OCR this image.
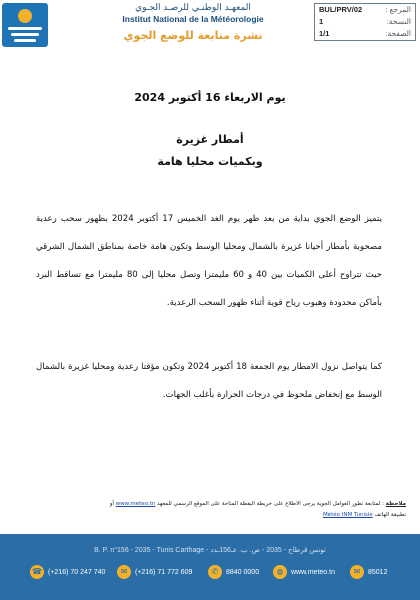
المعهـد الوطنـي للرصـد الجـوي
Institut National de la Météorologie
نشرة متابعة للوضع الجوي
BUL/PRV/02	المرجع :
1	النسخة:
1/1	الصفحة:
يوم الاربعاء 16 أكتوبر 2024
أمطار غزيرة
وبكميات محليا هامة
يتميز الوضع الجوي بداية من بعد ظهر يوم الغد الخميس 17 أكتوبر 2024 بظهور سحب رعدية مصحوبة بأمطار أحيانا غزيرة بالشمال ومحليا الوسط وتكون هامة خاصة بمناطق الشمال الشرقي حيث تتراوح أعلى الكميات بين 40 و 60 مليمترا وتصل محليا إلى 80 مليمترا مع تساقط البرد بأماكن محدودة وهبوب رياح قوية أثناء ظهور السحب الرعدية.
كما يتواصل نزول الامطار يوم الجمعة 18 أكتوبر 2024 وتكون مؤقتا رعدية ومحليا غزيرة بالشمال الوسط مع إنخفاض ملحوظ في درجات الحرارة بأغلب الجهات.
ملاحظة : لمتابعة تطور العوامل الجوية يرجى الاطلاع على خريطة اليقظة المتاحة على الموقع الرسمي للمعهد www.meteo.tn أو
تطبيقة الهاتف Météo INM Tunisie
B. P. n°156 - 2035 - Tunis Carthage - تونس قرطاج - 2035 - ص. ب. عـ156ـدد
☎ (+216) 70 247 740	✉	(+216) 71 772 609	✆	8840 0000	◍	www.meteo.tn	✉	85012
